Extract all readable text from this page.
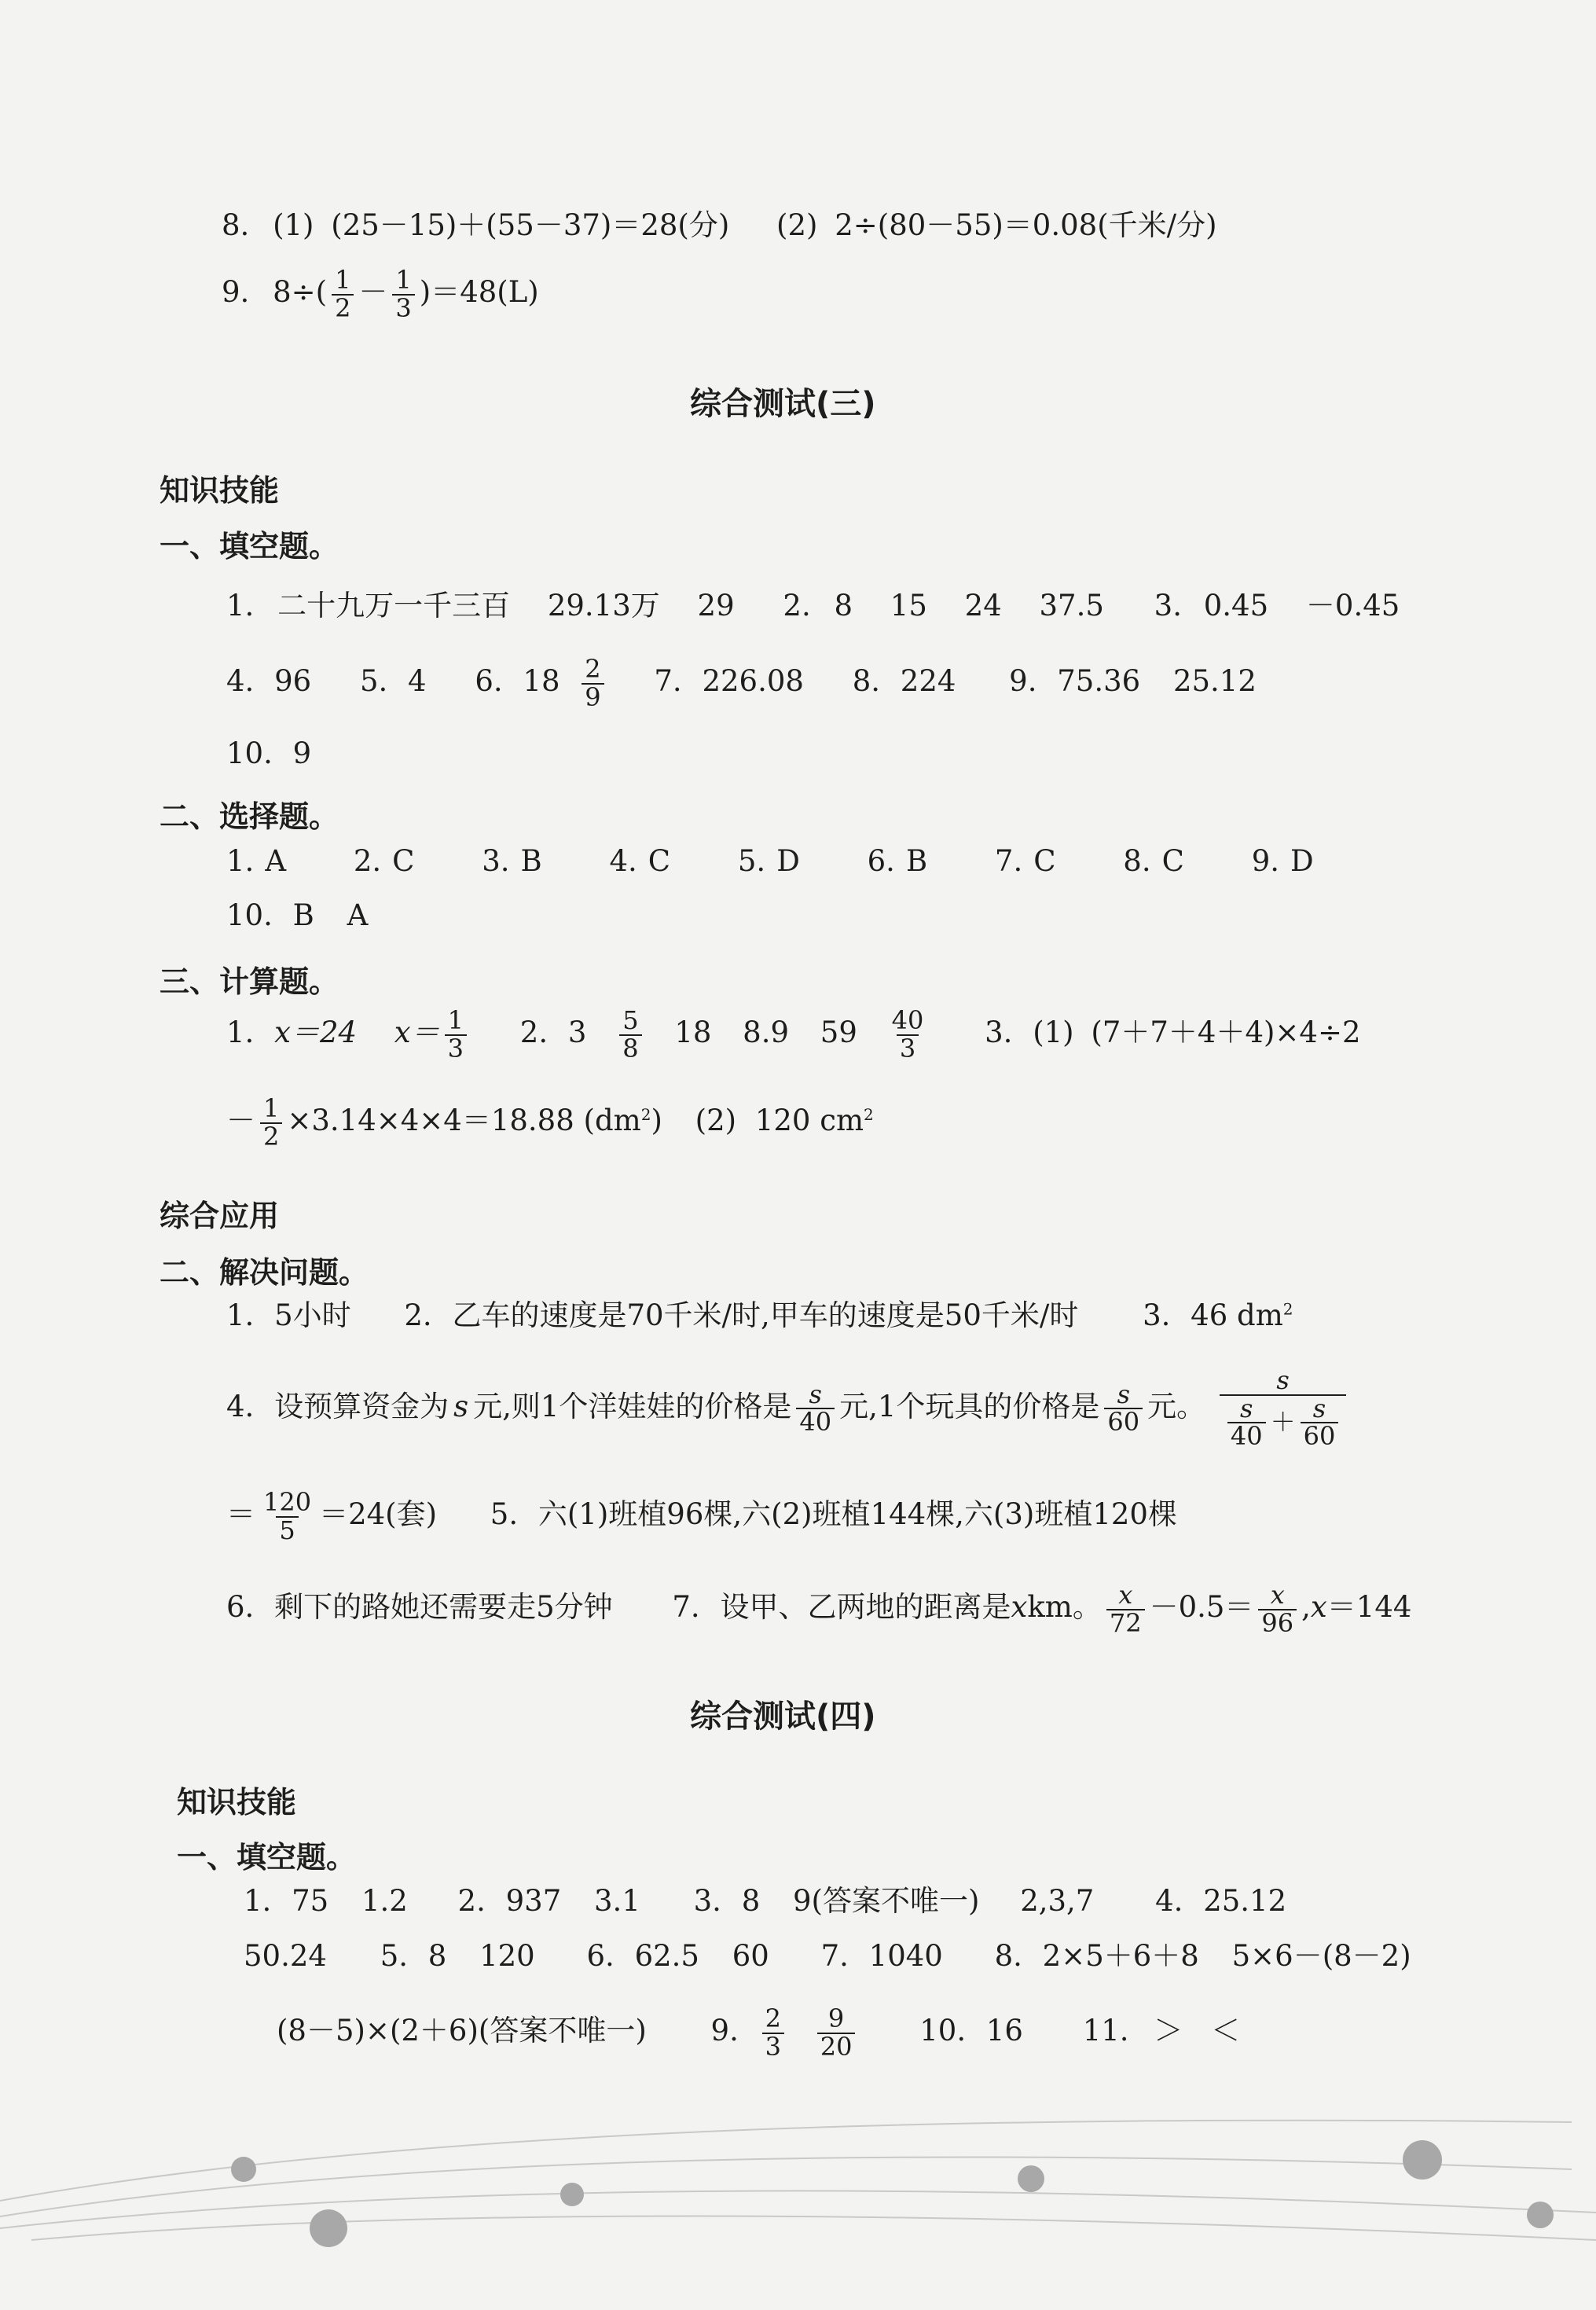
8. (1) (25－15)＋(55－37)＝28(分) (2) 2÷(80－55)＝0.08(千米/分)
9. $8\div( \frac{1}{2} - \frac{1}{3} )=48(L)$
综合测试(三)
知识技能
一、填空题。
1. 二十九万一千三百 29.13万 29 2. 8 15 24 37.5 3. 0.45 －0.45
4. 96 5. 4 6. $18 \frac{2}{9} 7$. 226.08 8. 224 9. 75.36 25.12
10. 9
二、选择题。
1. A 2. C 3. B 4. C 5. D 6. B 7. C 8. C 9. D
10. B A
三、计算题。
1. x＝24 $x= \frac{1}{3} 2$. $3 \frac{5}{8} 18$ 8.9 $59 \frac{40}{3} 3$. (1) (7＋7＋4＋4)×4÷2
－ $\frac{1}{2} \times 3.14\times 4\times 4=18.88$ $(dm^2)$ (2) 120 $cm^2$
综合应用
二、解决问题。
1. 5小时 2. 乙车的速度是70千米/时,甲车的速度是50千米/时 3. 46 $dm^2$
4. 设预算资金为 s 元,则1个洋娃娃的价格是 $\frac{s}{40}$ 元,1个玩具的价格是 $\frac{s}{60}$ 元。 $\frac{s}{\frac{s}{40} + \frac{s}{60}}$
＝ $\frac{120}{5} =24$(套) 5. 六(1)班植96棵,六(2)班植144棵,六(3)班植120棵
6. 剩下的路她还需要走5分钟 7. 设甲、乙两地的距离是xkm。 $\frac{x}{72} -0.5= \frac{x}{96} ,x=144$
综合测试(四)
知识技能
一、填空题。
1. 75 1.2 2. 937 3.1 3. 8 9(答案不唯一) 2,3,7 4. 25.12
50.24 5. 8 120 6. 62.5 60 7. 1040 8. 2×5＋6＋8 5×6－(8－2)
(8－5)×(2＋6)(答案不唯一) 9. $\frac{2}{3}$
$\frac{9}{20} 10$. 16 11. ＞ ＜
